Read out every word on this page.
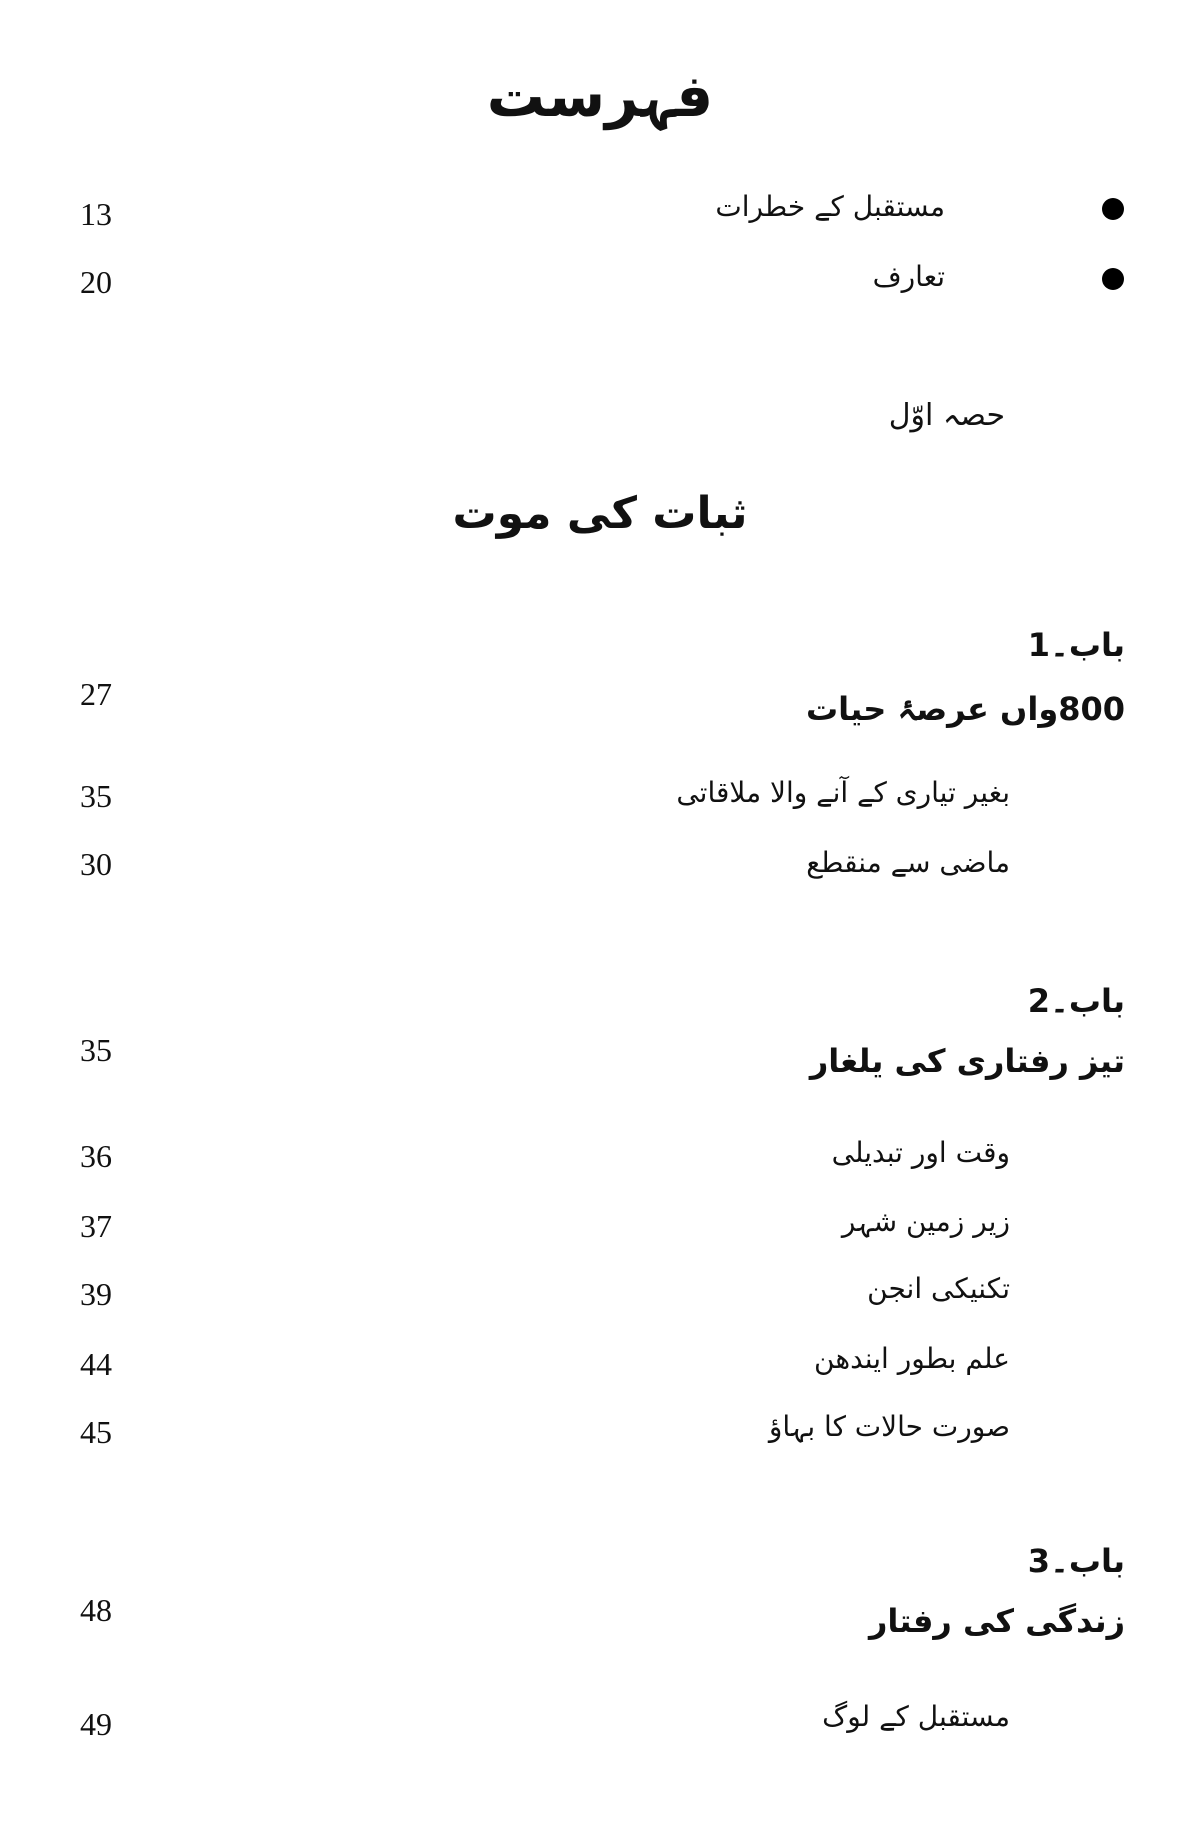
فہرست
مستقبل کے خطرات
13
تعارف
20
حصہ اوّل
ثبات کی موت
باب۔1
800واں عرصۂ حیات
27
بغیر تیاری کے آنے والا ملاقاتی
35
ماضی سے منقطع
30
باب۔2
تیز رفتاری کی یلغار
35
وقت اور تبدیلی
36
زیر زمین شہر
37
تکنیکی انجن
39
علم بطور ایندھن
44
صورت حالات کا بہاؤ
45
باب۔3
زندگی کی رفتار
48
مستقبل کے لوگ
49
